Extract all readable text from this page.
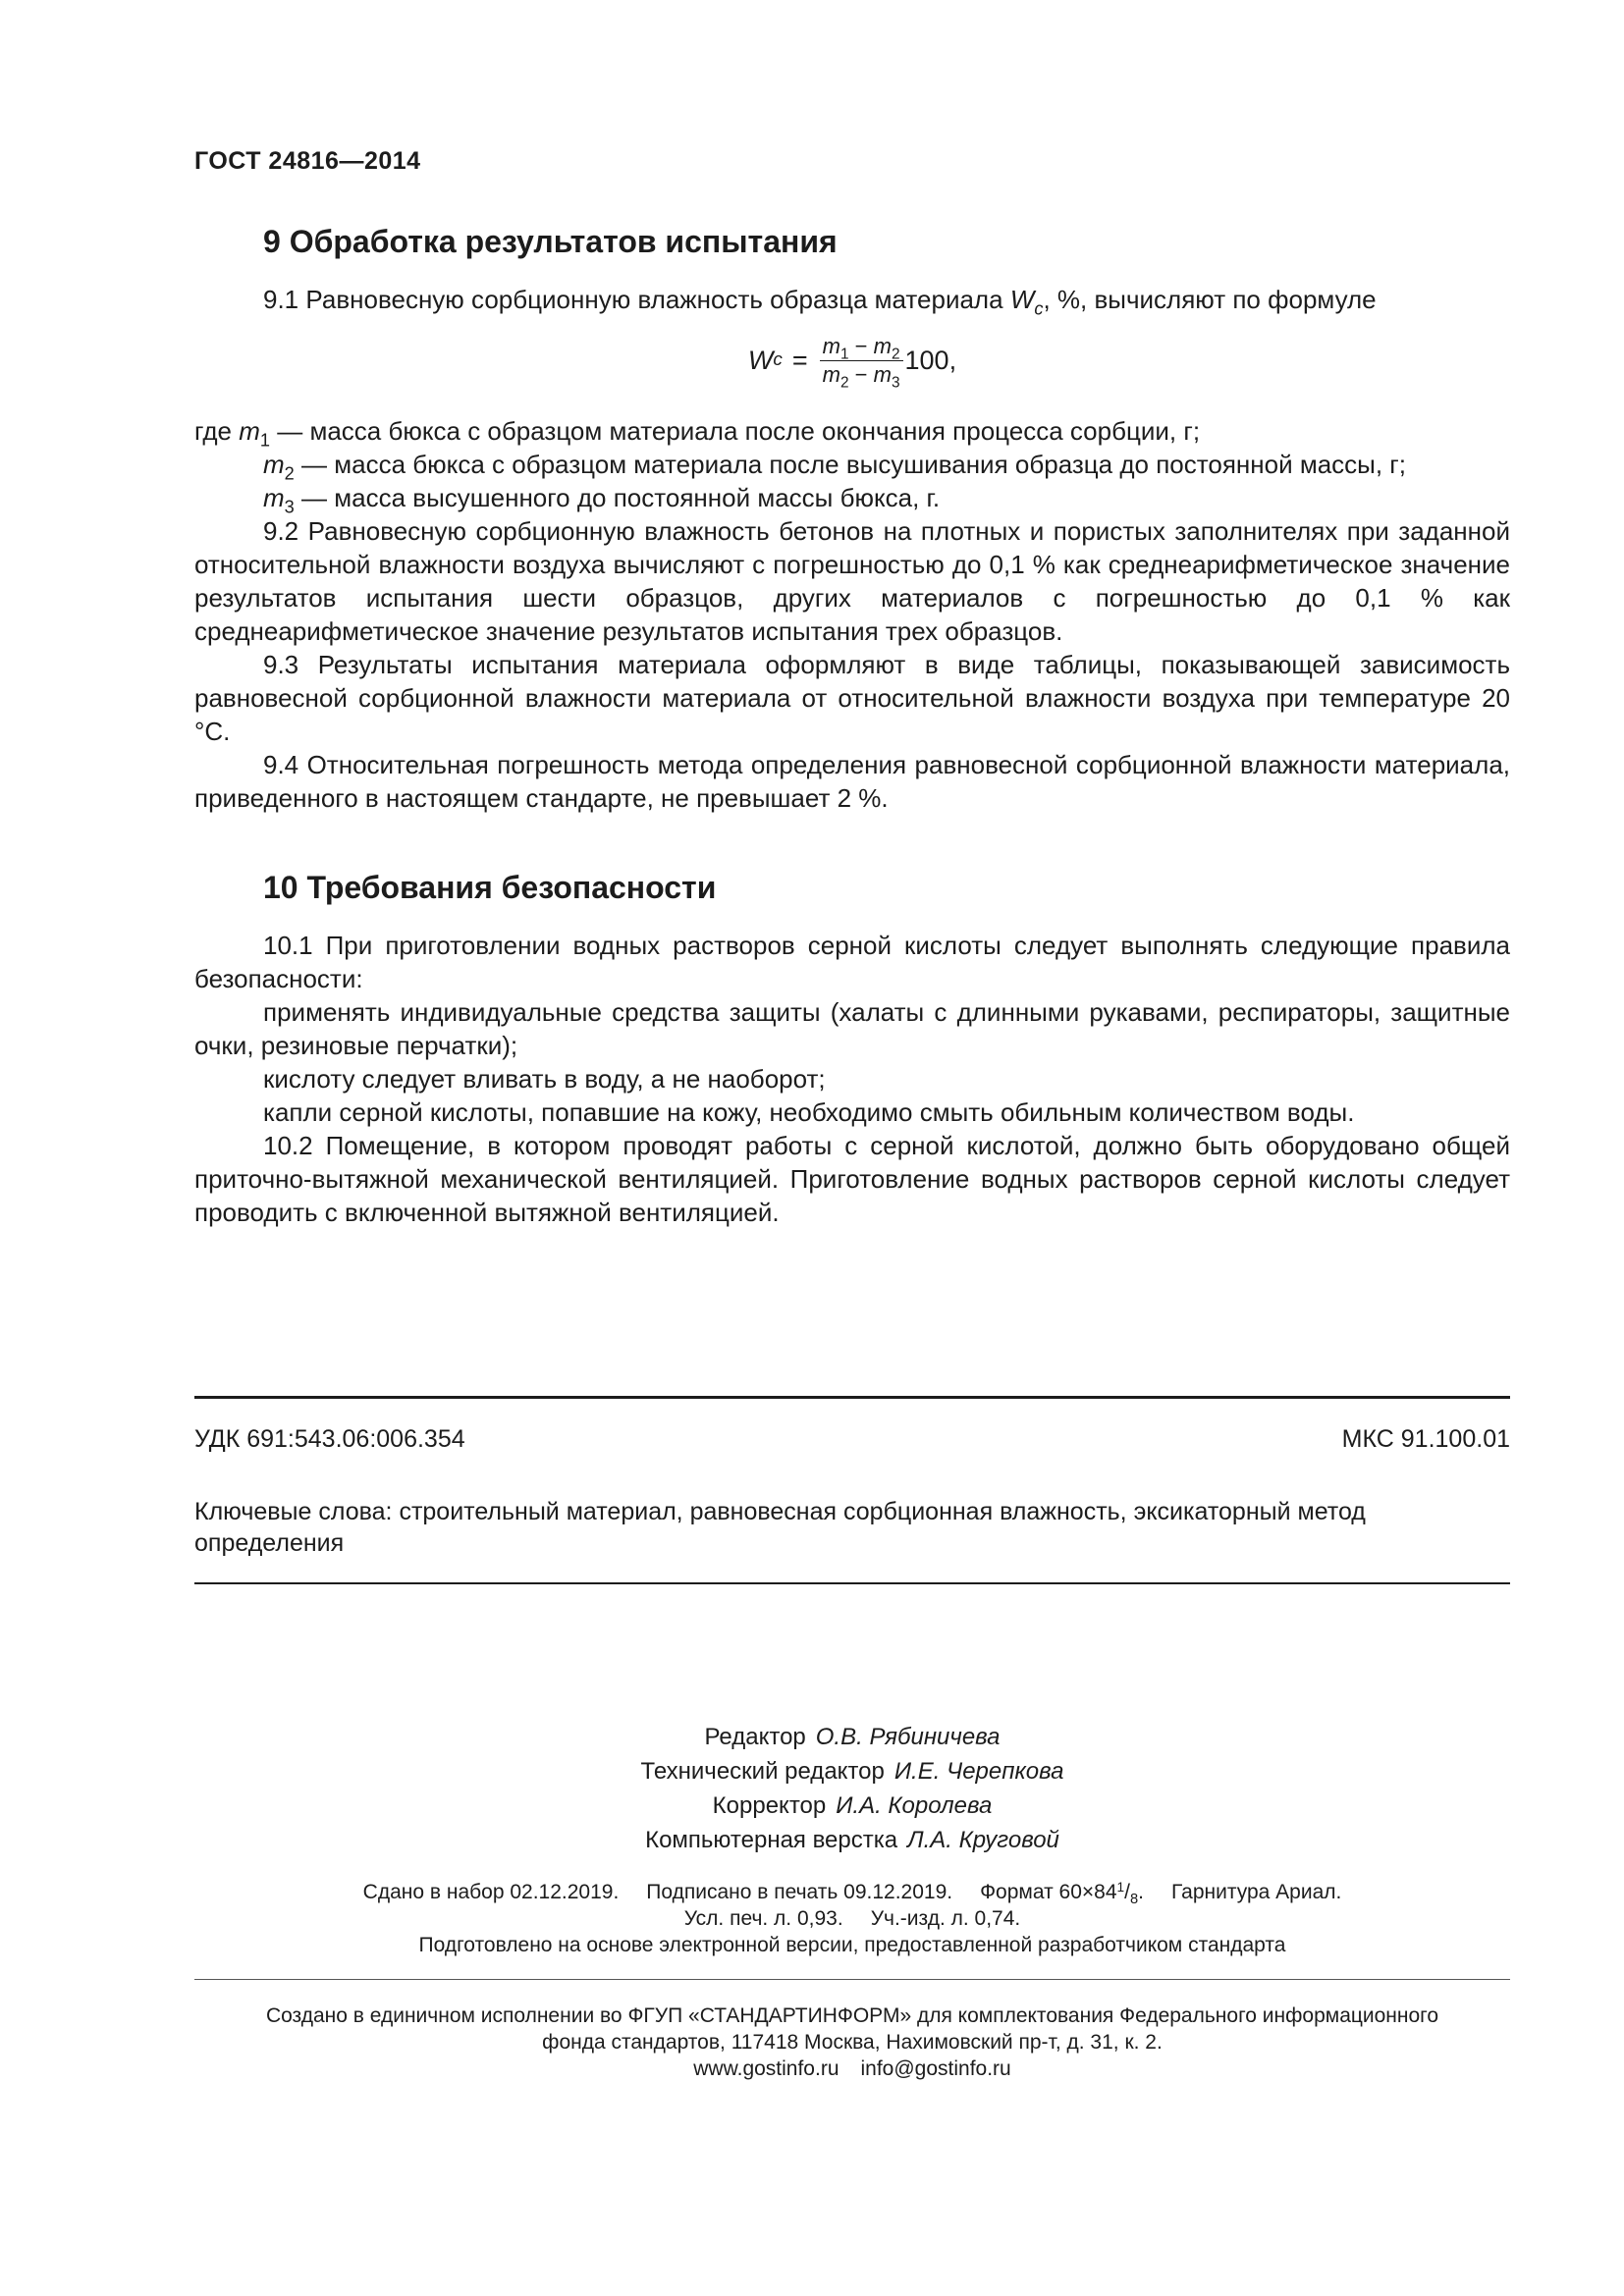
ГОСТ 24816—2014
9 Обработка результатов испытания

9.1 Равновесную сорбционную влажность образца материала $W_c$, %, вычисляют по формуле

W $c = \frac{m_1 - m_2}{m_2 - m_3} 100$,

где $m_1$ — масса бюкса с образцом материала после окончания процесса сорбции, г;

$m_2$ — масса бюкса с образцом материала после высушивания образца до постоянной массы, г;

$m_3$ — масса высушенного до постоянной массы бюкса, г.

9.2 Равновесную сорбционную влажность бетонов на плотных и пористых заполнителях при заданной относительной влажности воздуха вычисляют с погрешностью до 0,1 % как среднеарифметическое значение результатов испытания шести образцов, других материалов с погрешностью до 0,1 % как среднеарифметическое значение результатов испытания трех образцов.

9.3 Результаты испытания материала оформляют в виде таблицы, показывающей зависимость равновесной сорбционной влажности материала от относительной влажности воздуха при температуре 20 °С.

9.4 Относительная погрешность метода определения равновесной сорбционной влажности материала, приведенного в настоящем стандарте, не превышает 2 %.

10 Требования безопасности

10.1 При приготовлении водных растворов серной кислоты следует выполнять следующие правила безопасности:

применять индивидуальные средства защиты (халаты с длинными рукавами, респираторы, защитные очки, резиновые перчатки);

кислоту следует вливать в воду, а не наоборот;

капли серной кислоты, попавшие на кожу, необходимо смыть обильным количеством воды.

10.2 Помещение, в котором проводят работы с серной кислотой, должно быть оборудовано общей приточно-вытяжной механической вентиляцией. Приготовление водных растворов серной кислоты следует проводить с включенной вытяжной вентиляцией.

УДК 691:543.06:006.354	МКС 91.100.01
Ключевые слова: строительный материал, равновесная сорбционная влажность, эксикаторный метод определения
Редактор О.В. Рябиничева
Технический редактор И.Е. Черепкова
Корректор И.А. Королева
Компьютерная верстка Л.А. Круговой
Сдано в набор 02.12.2019. Подписано в печать 09.12.2019. Формат $60\times 84^1/_8$. Гарнитура Ариал.
Усл. печ. л. 0,93. Уч.-изд. л. 0,74.
Подготовлено на основе электронной версии, предоставленной разработчиком стандарта
Создано в единичном исполнении во ФГУП «СТАНДАРТИНФОРМ» для комплектования Федерального информационного
фонда стандартов, 117418 Москва, Нахимовский пр-т, д. 31, к. 2.
www.gostinfo.ru info@gostinfo.ru
